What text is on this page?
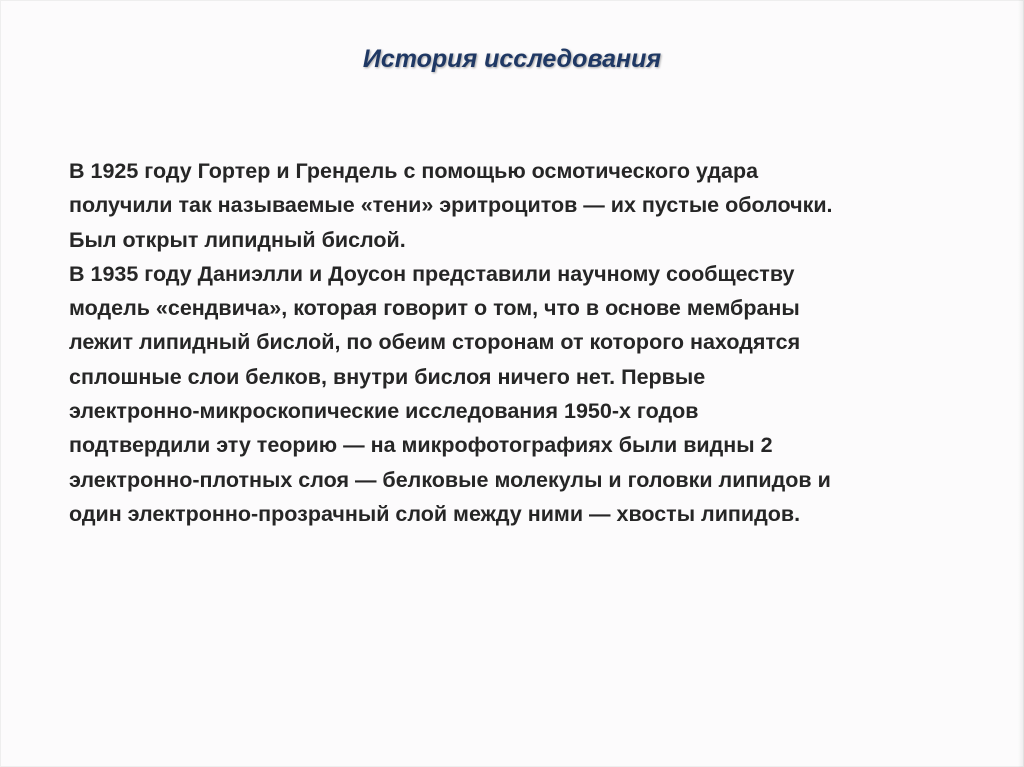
История исследования

В 1925 году Гортер и Грендель с помощью осмотического удара
получили так называемые «тени» эритроцитов — их пустые оболочки.
Был открыт липидный бислой.

В 1935 году Даниэлли и Доусон представили научному сообществу
модель «сендвича», которая говорит о том, что в основе мембраны
лежит липидный бислой, по обеим сторонам от которого находятся
сплошные слои белков, внутри бислоя ничего нет. Первые
электронно-микроскопические исследования 1950-х годов
подтвердили эту теорию — на микрофотографиях были видны 2
электронно-плотных слоя — белковые молекулы и головки липидов и
один электронно-прозрачный слой между ними — хвосты липидов.
